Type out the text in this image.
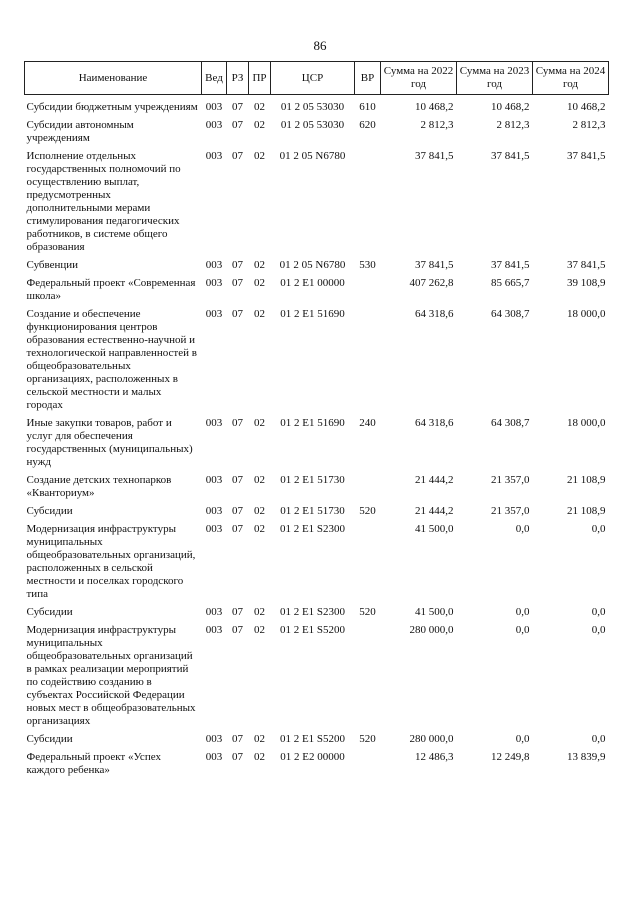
86
Наименование	Вед	РЗ	ПР	ЦСР	ВР	Сумма на 2022 год	Сумма на 2023 год	Сумма на 2024 год
Субсидии бюджетным учреждениям	003	07	02	01 2 05 53030	610	10 468,2	10 468,2	10 468,2
Субсидии автономным учреждениям	003	07	02	01 2 05 53030	620	2 812,3	2 812,3	2 812,3
Исполнение отдельных государственных полномочий по осуществлению выплат, предусмотренных дополнительными мерами стимулирования педагогических работников, в системе общего образования	003	07	02	01 2 05 N6780		37 841,5	37 841,5	37 841,5
Субвенции	003	07	02	01 2 05 N6780	530	37 841,5	37 841,5	37 841,5
Федеральный проект «Современная школа»	003	07	02	01 2 E1 00000		407 262,8	85 665,7	39 108,9
Создание и обеспечение функционирования центров образования естественно-научной и технологической направленностей в общеобразовательных организациях, расположенных в сельской местности и малых городах	003	07	02	01 2 E1 51690		64 318,6	64 308,7	18 000,0
Иные закупки товаров, работ и услуг для обеспечения государственных (муниципальных) нужд	003	07	02	01 2 E1 51690	240	64 318,6	64 308,7	18 000,0
Создание детских технопарков «Кванториум»	003	07	02	01 2 E1 51730		21 444,2	21 357,0	21 108,9
Субсидии	003	07	02	01 2 E1 51730	520	21 444,2	21 357,0	21 108,9
Модернизация инфраструктуры муниципальных общеобразовательных организаций, расположенных в сельской местности и поселках городского типа	003	07	02	01 2 E1 S2300		41 500,0	0,0	0,0
Субсидии	003	07	02	01 2 E1 S2300	520	41 500,0	0,0	0,0
Модернизация инфраструктуры муниципальных общеобразовательных организаций в рамках реализации мероприятий по содействию созданию в субъектах Российской Федерации новых мест в общеобразовательных организациях	003	07	02	01 2 E1 S5200		280 000,0	0,0	0,0
Субсидии	003	07	02	01 2 E1 S5200	520	280 000,0	0,0	0,0
Федеральный проект «Успех каждого ребенка»	003	07	02	01 2 E2 00000		12 486,3	12 249,8	13 839,9
